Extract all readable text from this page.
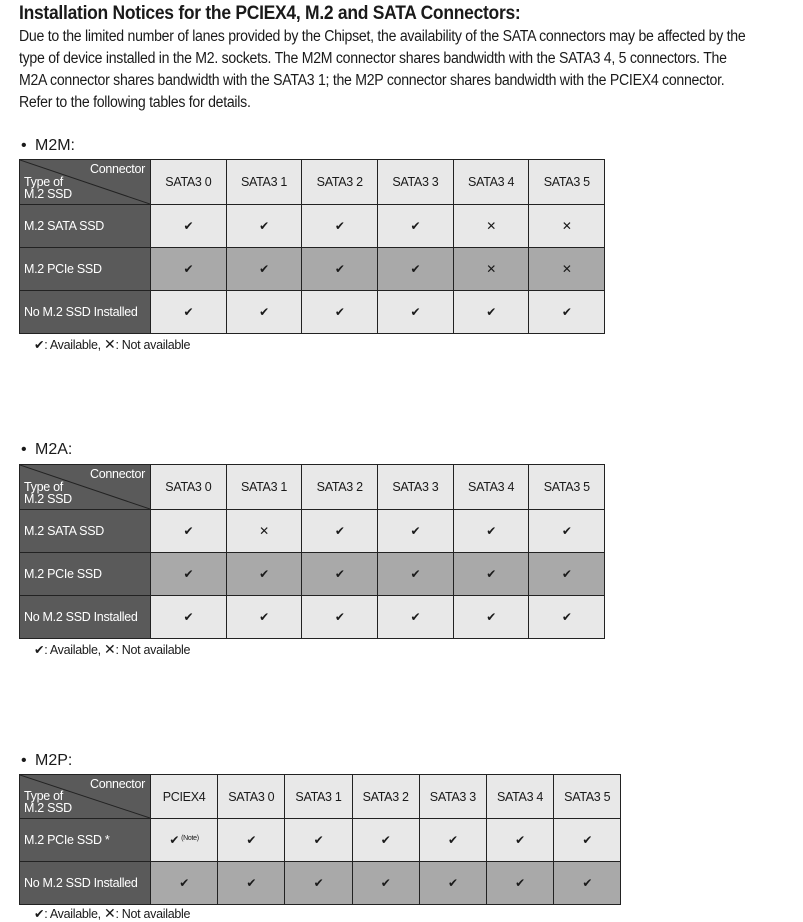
Installation Notices for the PCIEX4, M.2 and SATA Connectors:
Due to the limited number of lanes provided by the Chipset, the availability of the SATA connectors may be affected by the type of device installed in the M2. sockets. The M2M connector shares bandwidth with the SATA3 4, 5 connectors. The M2A connector shares bandwidth with the SATA3 1; the M2P connector shares bandwidth with the PCIEX4 connector. Refer to the following tables for details.
• M2M:
Connector
Type of
M.2 SSD	SATA3 0	SATA3 1	SATA3 2	SATA3 3	SATA3 4	SATA3 5
M.2 SATA SSD	✔	✔	✔	✔	✕	✕
M.2 PCIe SSD	✔	✔	✔	✔	✕	✕
No M.2 SSD Installed	✔	✔	✔	✔	✔	✔
✔: Available, ✕: Not available
• M2A:
Connector
Type of
M.2 SSD	SATA3 0	SATA3 1	SATA3 2	SATA3 3	SATA3 4	SATA3 5
M.2 SATA SSD	✔	✕	✔	✔	✔	✔
M.2 PCIe SSD	✔	✔	✔	✔	✔	✔
No M.2 SSD Installed	✔	✔	✔	✔	✔	✔
✔: Available, ✕: Not available
• M2P:
Connector
Type of
M.2 SSD	PCIEX4	SATA3 0	SATA3 1	SATA3 2	SATA3 3	SATA3 4	SATA3 5
M.2 PCIe SSD *	✔ $^{(Note)}$	✔	✔	✔	✔	✔	✔
No M.2 SSD Installed	✔	✔	✔	✔	✔	✔	✔
✔: Available, ✕: Not available
